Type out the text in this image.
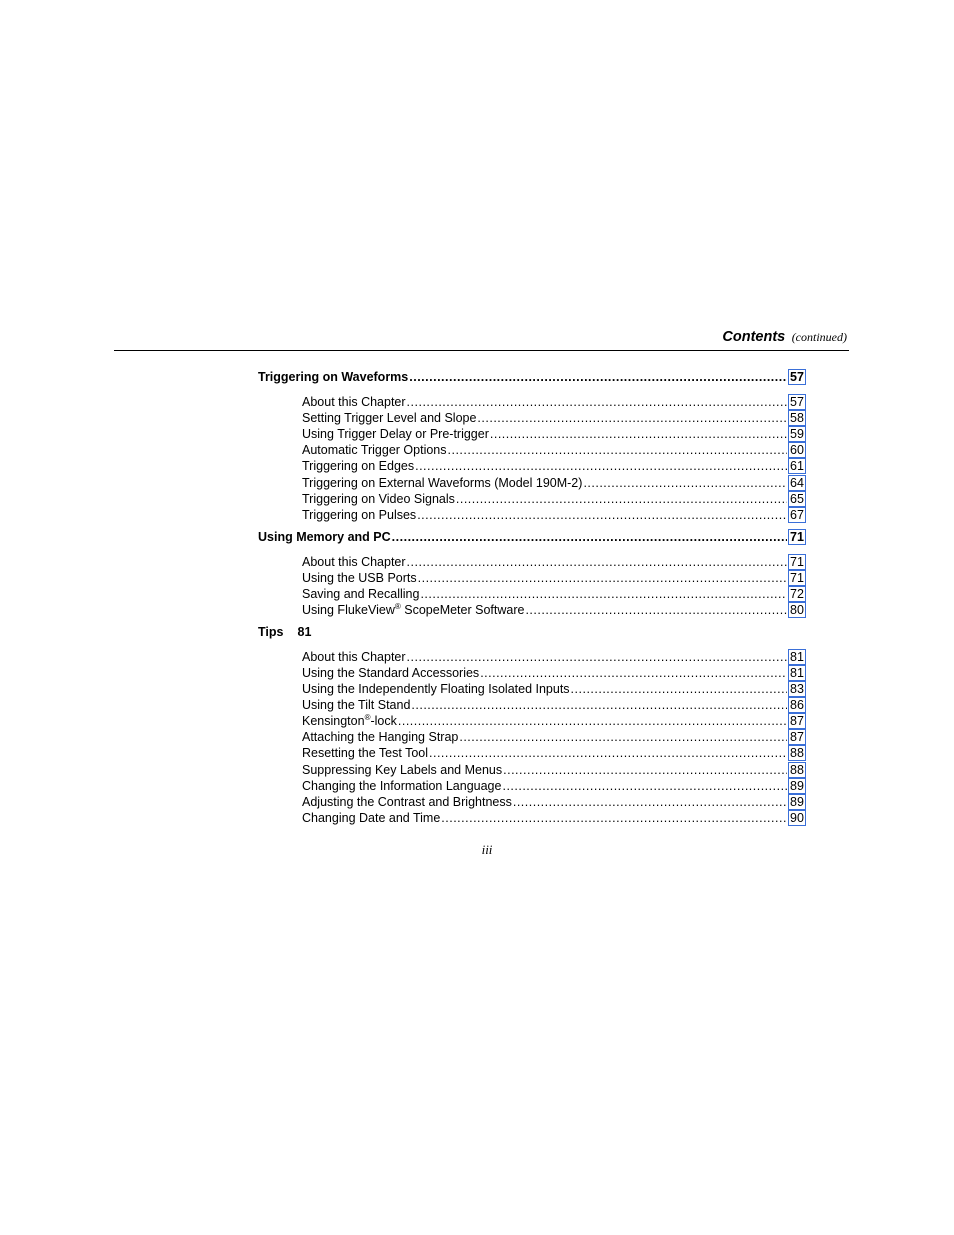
Contents (continued)
Triggering on Waveforms .....	57
About this Chapter .....	57
Setting Trigger Level and Slope .....	58
Using Trigger Delay or Pre-trigger .....	59
Automatic Trigger Options .....	60
Triggering on Edges .....	61
Triggering on External Waveforms (Model 190M-2) .....	64
Triggering on Video Signals .....	65
Triggering on Pulses .....	67
Using Memory and PC .....	71
About this Chapter .....	71
Using the USB Ports .....	71
Saving and Recalling .....	72
Using FlukeView® ScopeMeter Software .....	80
Tips 81
About this Chapter .....	81
Using the Standard Accessories .....	81
Using the Independently Floating Isolated Inputs .....	83
Using the Tilt Stand .....	86
Kensington®-lock .....	87
Attaching the Hanging Strap .....	87
Resetting the Test Tool .....	88
Suppressing Key Labels and Menus .....	88
Changing the Information Language .....	89
Adjusting the Contrast and Brightness .....	89
Changing Date and Time .....	90
iii
